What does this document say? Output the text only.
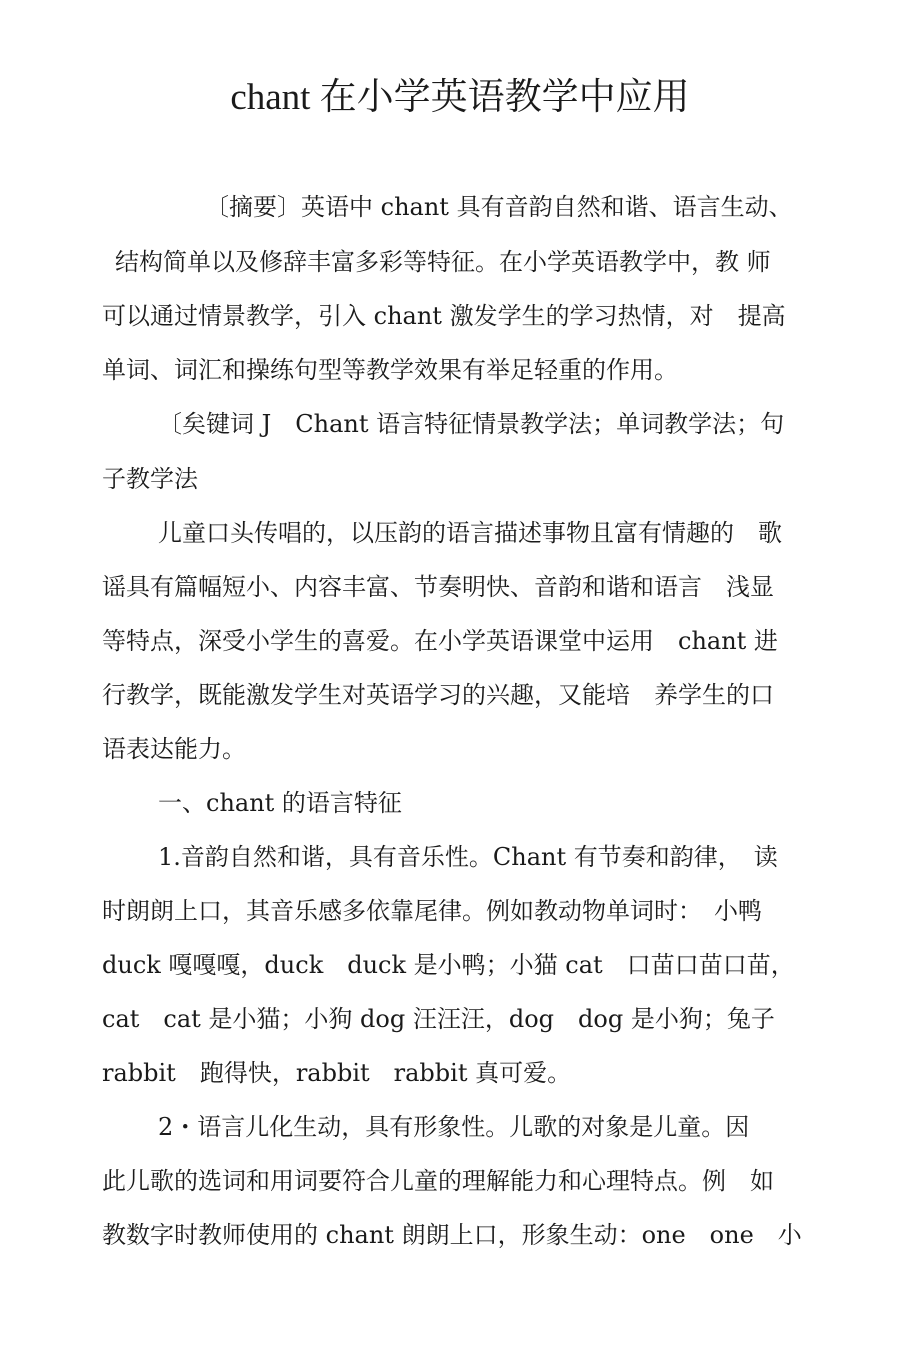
chant 在小学英语教学中应用
〔摘要〕英语中 chant 具有音韵自然和谐、语言生动、
结构简单以及修辞丰富多彩等特征。在小学英语教学中，教 师
可以通过情景教学，引入 chant 激发学生的学习热情，对　提高
单词、词汇和操练句型等教学效果有举足轻重的作用。
〔矣键词 J　Chant 语言特征情景教学法；单词教学法；句
子教学法
儿童口头传唱的，以压韵的语言描述事物且富有情趣的　歌
谣具有篇幅短小、内容丰富、节奏明快、音韵和谐和语言　浅显
等特点，深受小学生的喜爱。在小学英语课堂中运用　chant 进
行教学，既能激发学生对英语学习的兴趣，又能培　养学生的口
语表达能力。
一、chant 的语言特征
1.音韵自然和谐，具有音乐性。Chant 有节奏和韵律，　读
时朗朗上口，其音乐感多依靠尾律。例如教动物单词时：　小鸭
duck 嘎嘎嘎，duck　duck 是小鸭；小猫 cat　口苗口苗口苗，
cat　cat 是小猫；小狗 dog 汪汪汪，dog　dog 是小狗；兔子
rabbit　跑得快，rabbit　rabbit 真可爱。
2・语言儿化生动，具有形象性。儿歌的对象是儿童。因
此儿歌的选词和用词要符合儿童的理解能力和心理特点。例　如
教数字时教师使用的 chant 朗朗上口，形象生动：one　one　小
